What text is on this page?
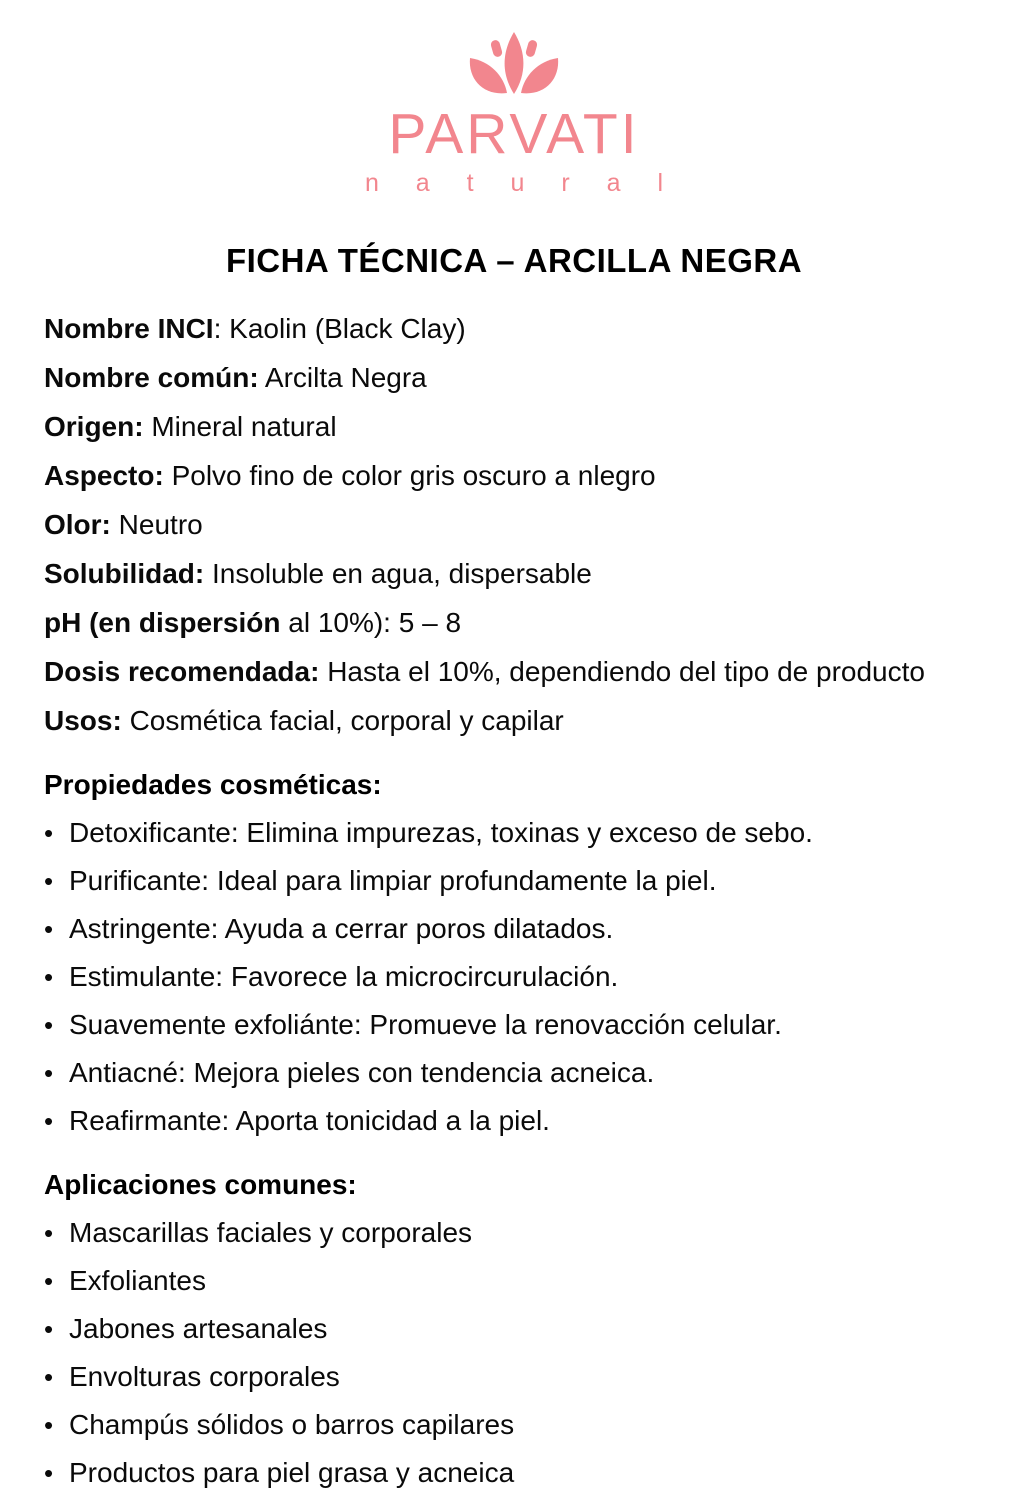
PARVATI
n a t u r a l
FICHA TÉCNICA – ARCILLA NEGRA

Nombre INCI: Kaolin (Black Clay)

Nombre común: Arcilta Negra

Origen: Mineral natural

Aspecto: Polvo fino de color gris oscuro a nlegro

Olor: Neutro

Solubilidad: Insoluble en agua, dispersable

pH (en dispersión al 10%): 5 – 8

Dosis recomendada: Hasta el 10%, dependiendo del tipo de producto

Usos: Cosmética facial, corporal y capilar

Propiedades cosméticas:
• Detoxificante: Elimina impurezas, toxinas y exceso de sebo.
• Purificante: Ideal para limpiar profundamente la piel.
• Astringente: Ayuda a cerrar poros dilatados.
• Estimulante: Favorece la microcircurulación.
• Suavemente exfoliánte: Promueve la renovacción celular.
• Antiacné: Mejora pieles con tendencia acneica.
• Reafirmante: Aporta tonicidad a la piel.
Aplicaciones comunes:
• Mascarillas faciales y corporales
• Exfoliantes
• Jabones artesanales
• Envolturas corporales
• Champús sólidos o barros capilares
• Productos para piel grasa y acneica
